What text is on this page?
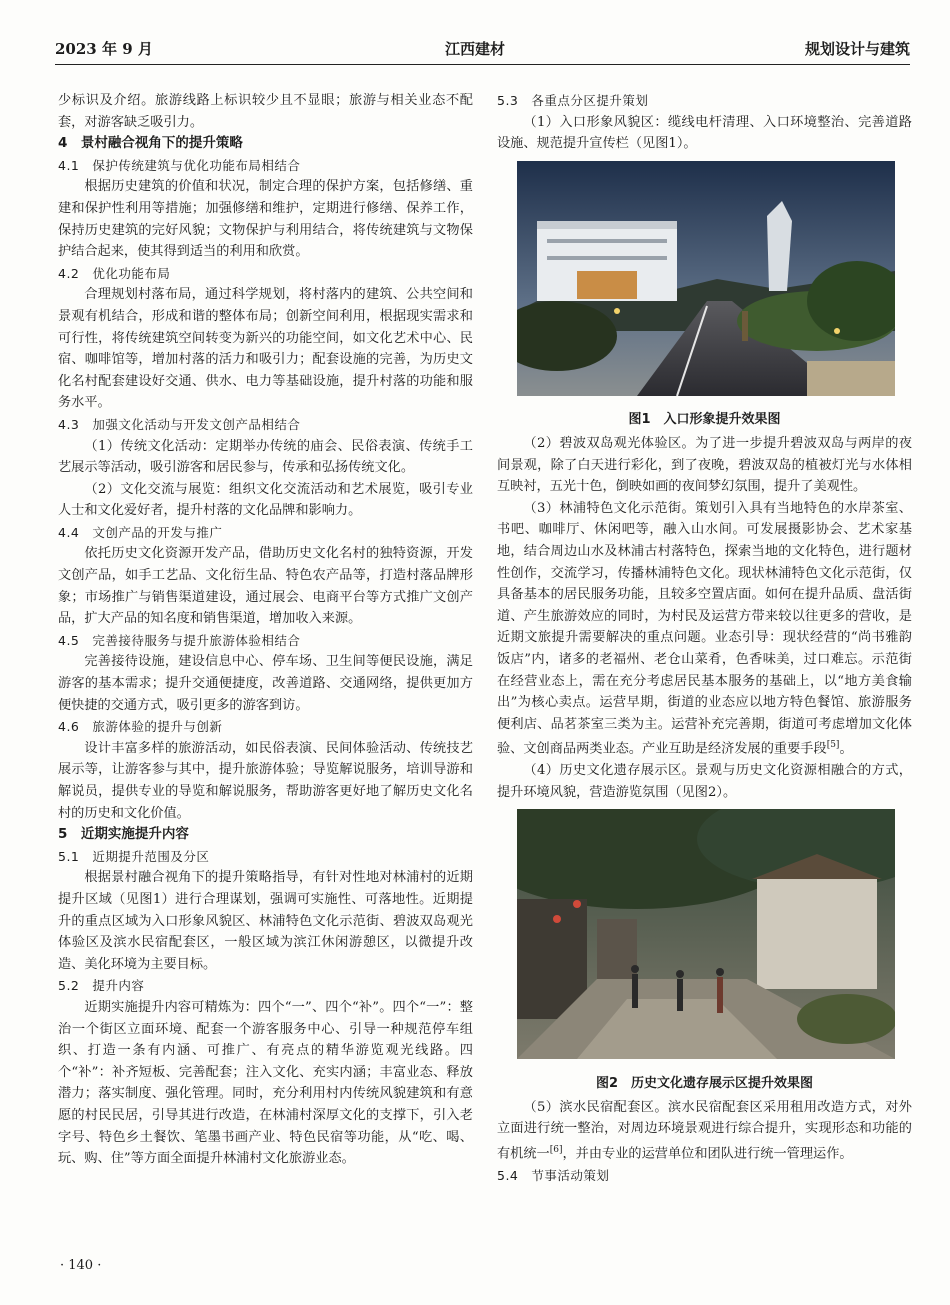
2023 年 9 月	江西建材	规划设计与建筑

少标识及介绍。旅游线路上标识较少且不显眼；旅游与相关业态不配套，对游客缺乏吸引力。

4　景村融合视角下的提升策略

4.1　保护传统建筑与优化功能布局相结合

根据历史建筑的价值和状况，制定合理的保护方案，包括修缮、重建和保护性利用等措施；加强修缮和维护，定期进行修缮、保养工作，保持历史建筑的完好风貌；文物保护与利用结合，将传统建筑与文物保护结合起来，使其得到适当的利用和欣赏。

4.2　优化功能布局

合理规划村落布局，通过科学规划，将村落内的建筑、公共空间和景观有机结合，形成和谐的整体布局；创新空间利用，根据现实需求和可行性，将传统建筑空间转变为新兴的功能空间，如文化艺术中心、民宿、咖啡馆等，增加村落的活力和吸引力；配套设施的完善，为历史文化名村配套建设好交通、供水、电力等基础设施，提升村落的功能和服务水平。

4.3　加强文化活动与开发文创产品相结合

（1）传统文化活动：定期举办传统的庙会、民俗表演、传统手工艺展示等活动，吸引游客和居民参与，传承和弘扬传统文化。

（2）文化交流与展览：组织文化交流活动和艺术展览，吸引专业人士和文化爱好者，提升村落的文化品牌和影响力。

4.4　文创产品的开发与推广

依托历史文化资源开发产品，借助历史文化名村的独特资源，开发文创产品，如手工艺品、文化衍生品、特色农产品等，打造村落品牌形象；市场推广与销售渠道建设，通过展会、电商平台等方式推广文创产品，扩大产品的知名度和销售渠道，增加收入来源。

4.5　完善接待服务与提升旅游体验相结合

完善接待设施，建设信息中心、停车场、卫生间等便民设施，满足游客的基本需求；提升交通便捷度，改善道路、交通网络，提供更加方便快捷的交通方式，吸引更多的游客到访。

4.6　旅游体验的提升与创新

设计丰富多样的旅游活动，如民俗表演、民间体验活动、传统技艺展示等，让游客参与其中，提升旅游体验；导览解说服务，培训导游和解说员，提供专业的导览和解说服务，帮助游客更好地了解历史文化名村的历史和文化价值。

5　近期实施提升内容

5.1　近期提升范围及分区

根据景村融合视角下的提升策略指导，有针对性地对林浦村的近期提升区域（见图1）进行合理谋划，强调可实施性、可落地性。近期提升的重点区域为入口形象风貌区、林浦特色文化示范街、碧波双岛观光体验区及滨水民宿配套区，一般区域为滨江休闲游憩区，以微提升改造、美化环境为主要目标。

5.2　提升内容

近期实施提升内容可精炼为：四个“一”、四个“补”。四个“一”：整治一个街区立面环境、配套一个游客服务中心、引导一种规范停车组织、打造一条有内涵、可推广、有亮点的精华游览观光线路。四个“补”：补齐短板、完善配套；注入文化、充实内涵；丰富业态、释放潜力；落实制度、强化管理。同时，充分利用村内传统风貌建筑和有意愿的村民民居，引导其进行改造，在林浦村深厚文化的支撑下，引入老字号、特色乡土餐饮、笔墨书画产业、特色民宿等功能，从“吃、喝、玩、购、住”等方面全面提升林浦村文化旅游业态。

5.3　各重点分区提升策划

（1）入口形象风貌区：缆线电杆清理、入口环境整治、完善道路设施、规范提升宣传栏（见图1）。

图1　入口形象提升效果图

（2）碧波双岛观光体验区。为了进一步提升碧波双岛与两岸的夜间景观，除了白天进行彩化，到了夜晚，碧波双岛的植被灯光与水体相互映衬，五光十色，倒映如画的夜间梦幻氛围，提升了美观性。

（3）林浦特色文化示范街。策划引入具有当地特色的水岸茶室、书吧、咖啡厅、休闲吧等，融入山水间。可发展摄影协会、艺术家基地，结合周边山水及林浦古村落特色，探索当地的文化特色，进行题材性创作，交流学习，传播林浦特色文化。现状林浦特色文化示范街，仅具备基本的居民服务功能，且较多空置店面。如何在提升品质、盘活街道、产生旅游效应的同时，为村民及运营方带来较以往更多的营收，是近期文旅提升需要解决的重点问题。业态引导：现状经营的“尚书雅韵饭店”内，诸多的老福州、老仓山菜肴，色香味美，过口难忘。示范街在经营业态上，需在充分考虑居民基本服务的基础上，以“地方美食输出”为核心卖点。运营早期，街道的业态应以地方特色餐馆、旅游服务便利店、品茗茶室三类为主。运营补充完善期，街道可考虑增加文化体验、文创商品两类业态。产业互助是经济发展的重要手段[5]。

（4）历史文化遗存展示区。景观与历史文化资源相融合的方式，提升环境风貌，营造游览氛围（见图2）。

图2　历史文化遗存展示区提升效果图

（5）滨水民宿配套区。滨水民宿配套区采用租用改造方式，对外立面进行统一整治，对周边环境景观进行综合提升，实现形态和功能的有机统一[6]，并由专业的运营单位和团队进行统一管理运作。

5.4　节事活动策划

· 140 ·
